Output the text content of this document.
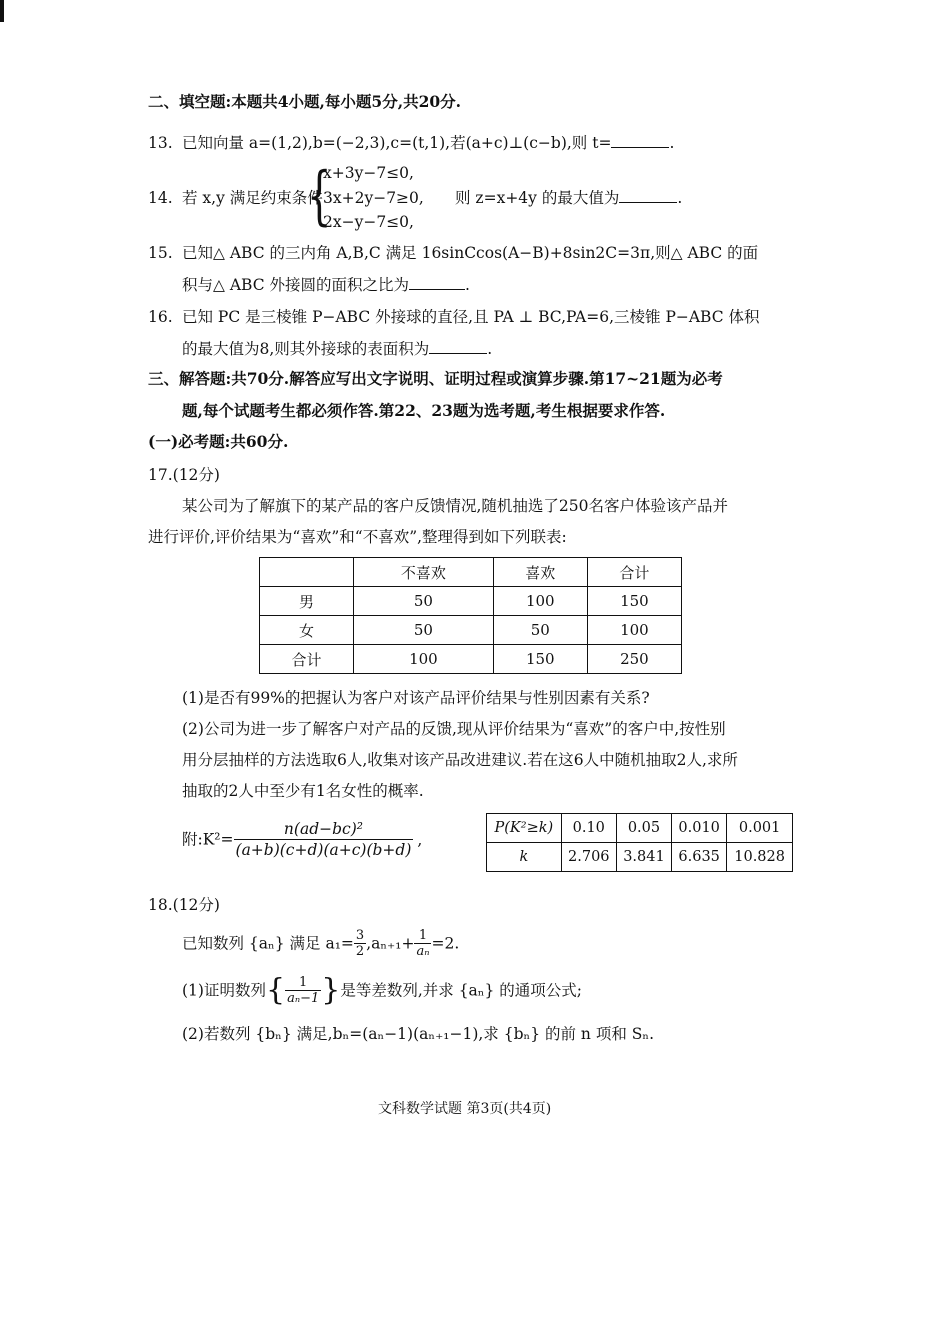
二、填空题:本题共4小题,每小题5分,共20分.
13. 已知向量 a=(1,2),b=(−2,3),c=(t,1),若(a+c)⊥(c−b),则 t=	.
14. 若 x,y 满足约束条件
{
x+3y−7≤0,
3x+2y−7≥0,
2x−y−7≤0,
则 z=x+4y 的最大值为	.
15. 已知△ ABC 的三内角 A,B,C 满足 16sinCcos(A−B)+8sin2C=3π,则△ ABC 的面
积与△ ABC 外接圆的面积之比为	.
16. 已知 PC 是三棱锥 P−ABC 外接球的直径,且 PA ⊥ BC,PA=6,三棱锥 P−ABC 体积
的最大值为8,则其外接球的表面积为	.
三、解答题:共70分.解答应写出文字说明、证明过程或演算步骤.第17~21题为必考
题,每个试题考生都必须作答.第22、23题为选考题,考生根据要求作答.
(一)必考题:共60分.
17.(12分)
某公司为了解旗下的某产品的客户反馈情况,随机抽选了250名客户体验该产品并
进行评价,评价结果为“喜欢”和“不喜欢”,整理得到如下列联表:
	不喜欢	喜欢	合计
男	50	100	150
女	50	50	100
合计	100	150	250
(1)是否有99%的把握认为客户对该产品评价结果与性别因素有关系?
(2)公司为进一步了解客户对产品的反馈,现从评价结果为“喜欢”的客户中,按性别
用分层抽样的方法选取6人,收集对该产品改进建议.若在这6人中随机抽取2人,求所
抽取的2人中至少有1名女性的概率.
附:K²= $\frac{\text{n(ad−bc)²}}{(a+b)(c+d)(a+c)(b+d)}$ ,
P(K²≥k)	0.10	0.05	0.010	0.001
k	2.706	3.841	6.635	10.828
18.(12分)
已知数列 {aₙ} 满足 $a_1= \frac{3}{2} ,a_{n+1}+ \frac{1}{\text{aₙ}} =2$.
(1)证明数列{ $\frac{1}{\text{aₙ−1}}$ }是等差数列,并求 {aₙ} 的通项公式;
(2)若数列 {bₙ} 满足,bₙ=(aₙ−1)(aₙ₊₁−1),求 {bₙ} 的前 n 项和 Sₙ.
文科数学试题 第3页(共4页)
